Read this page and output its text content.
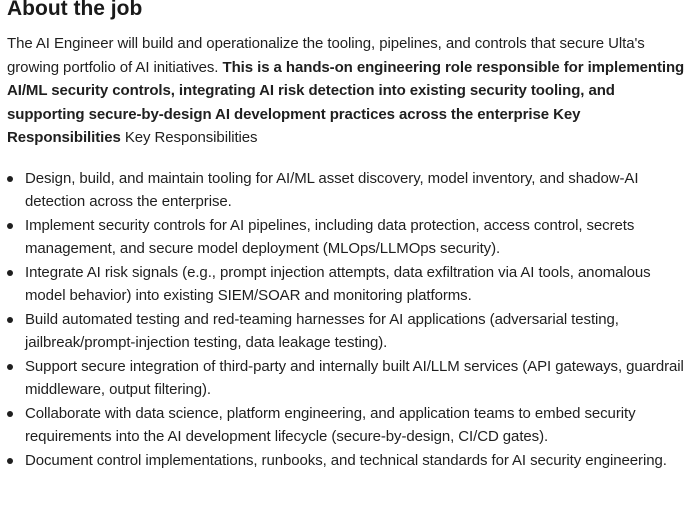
About the job

The AI Engineer will build and operationalize the tooling, pipelines, and controls that secure Ulta's growing portfolio of AI initiatives. This is a hands-on engineering role responsible for implementing AI/ML security controls, integrating AI risk detection into existing security tooling, and supporting secure-by-design AI development practices across the enterprise Key Responsibilities Key Responsibilities

Design, build, and maintain tooling for AI/ML asset discovery, model inventory, and shadow-AI detection across the enterprise.
Implement security controls for AI pipelines, including data protection, access control, secrets management, and secure model deployment (MLOps/LLMOps security).
Integrate AI risk signals (e.g., prompt injection attempts, data exfiltration via AI tools, anomalous model behavior) into existing SIEM/SOAR and monitoring platforms.
Build automated testing and red-teaming harnesses for AI applications (adversarial testing, jailbreak/prompt-injection testing, data leakage testing).
Support secure integration of third-party and internally built AI/LLM services (API gateways, guardrail middleware, output filtering).
Collaborate with data science, platform engineering, and application teams to embed security requirements into the AI development lifecycle (secure-by-design, CI/CD gates).
Document control implementations, runbooks, and technical standards for AI security engineering.
